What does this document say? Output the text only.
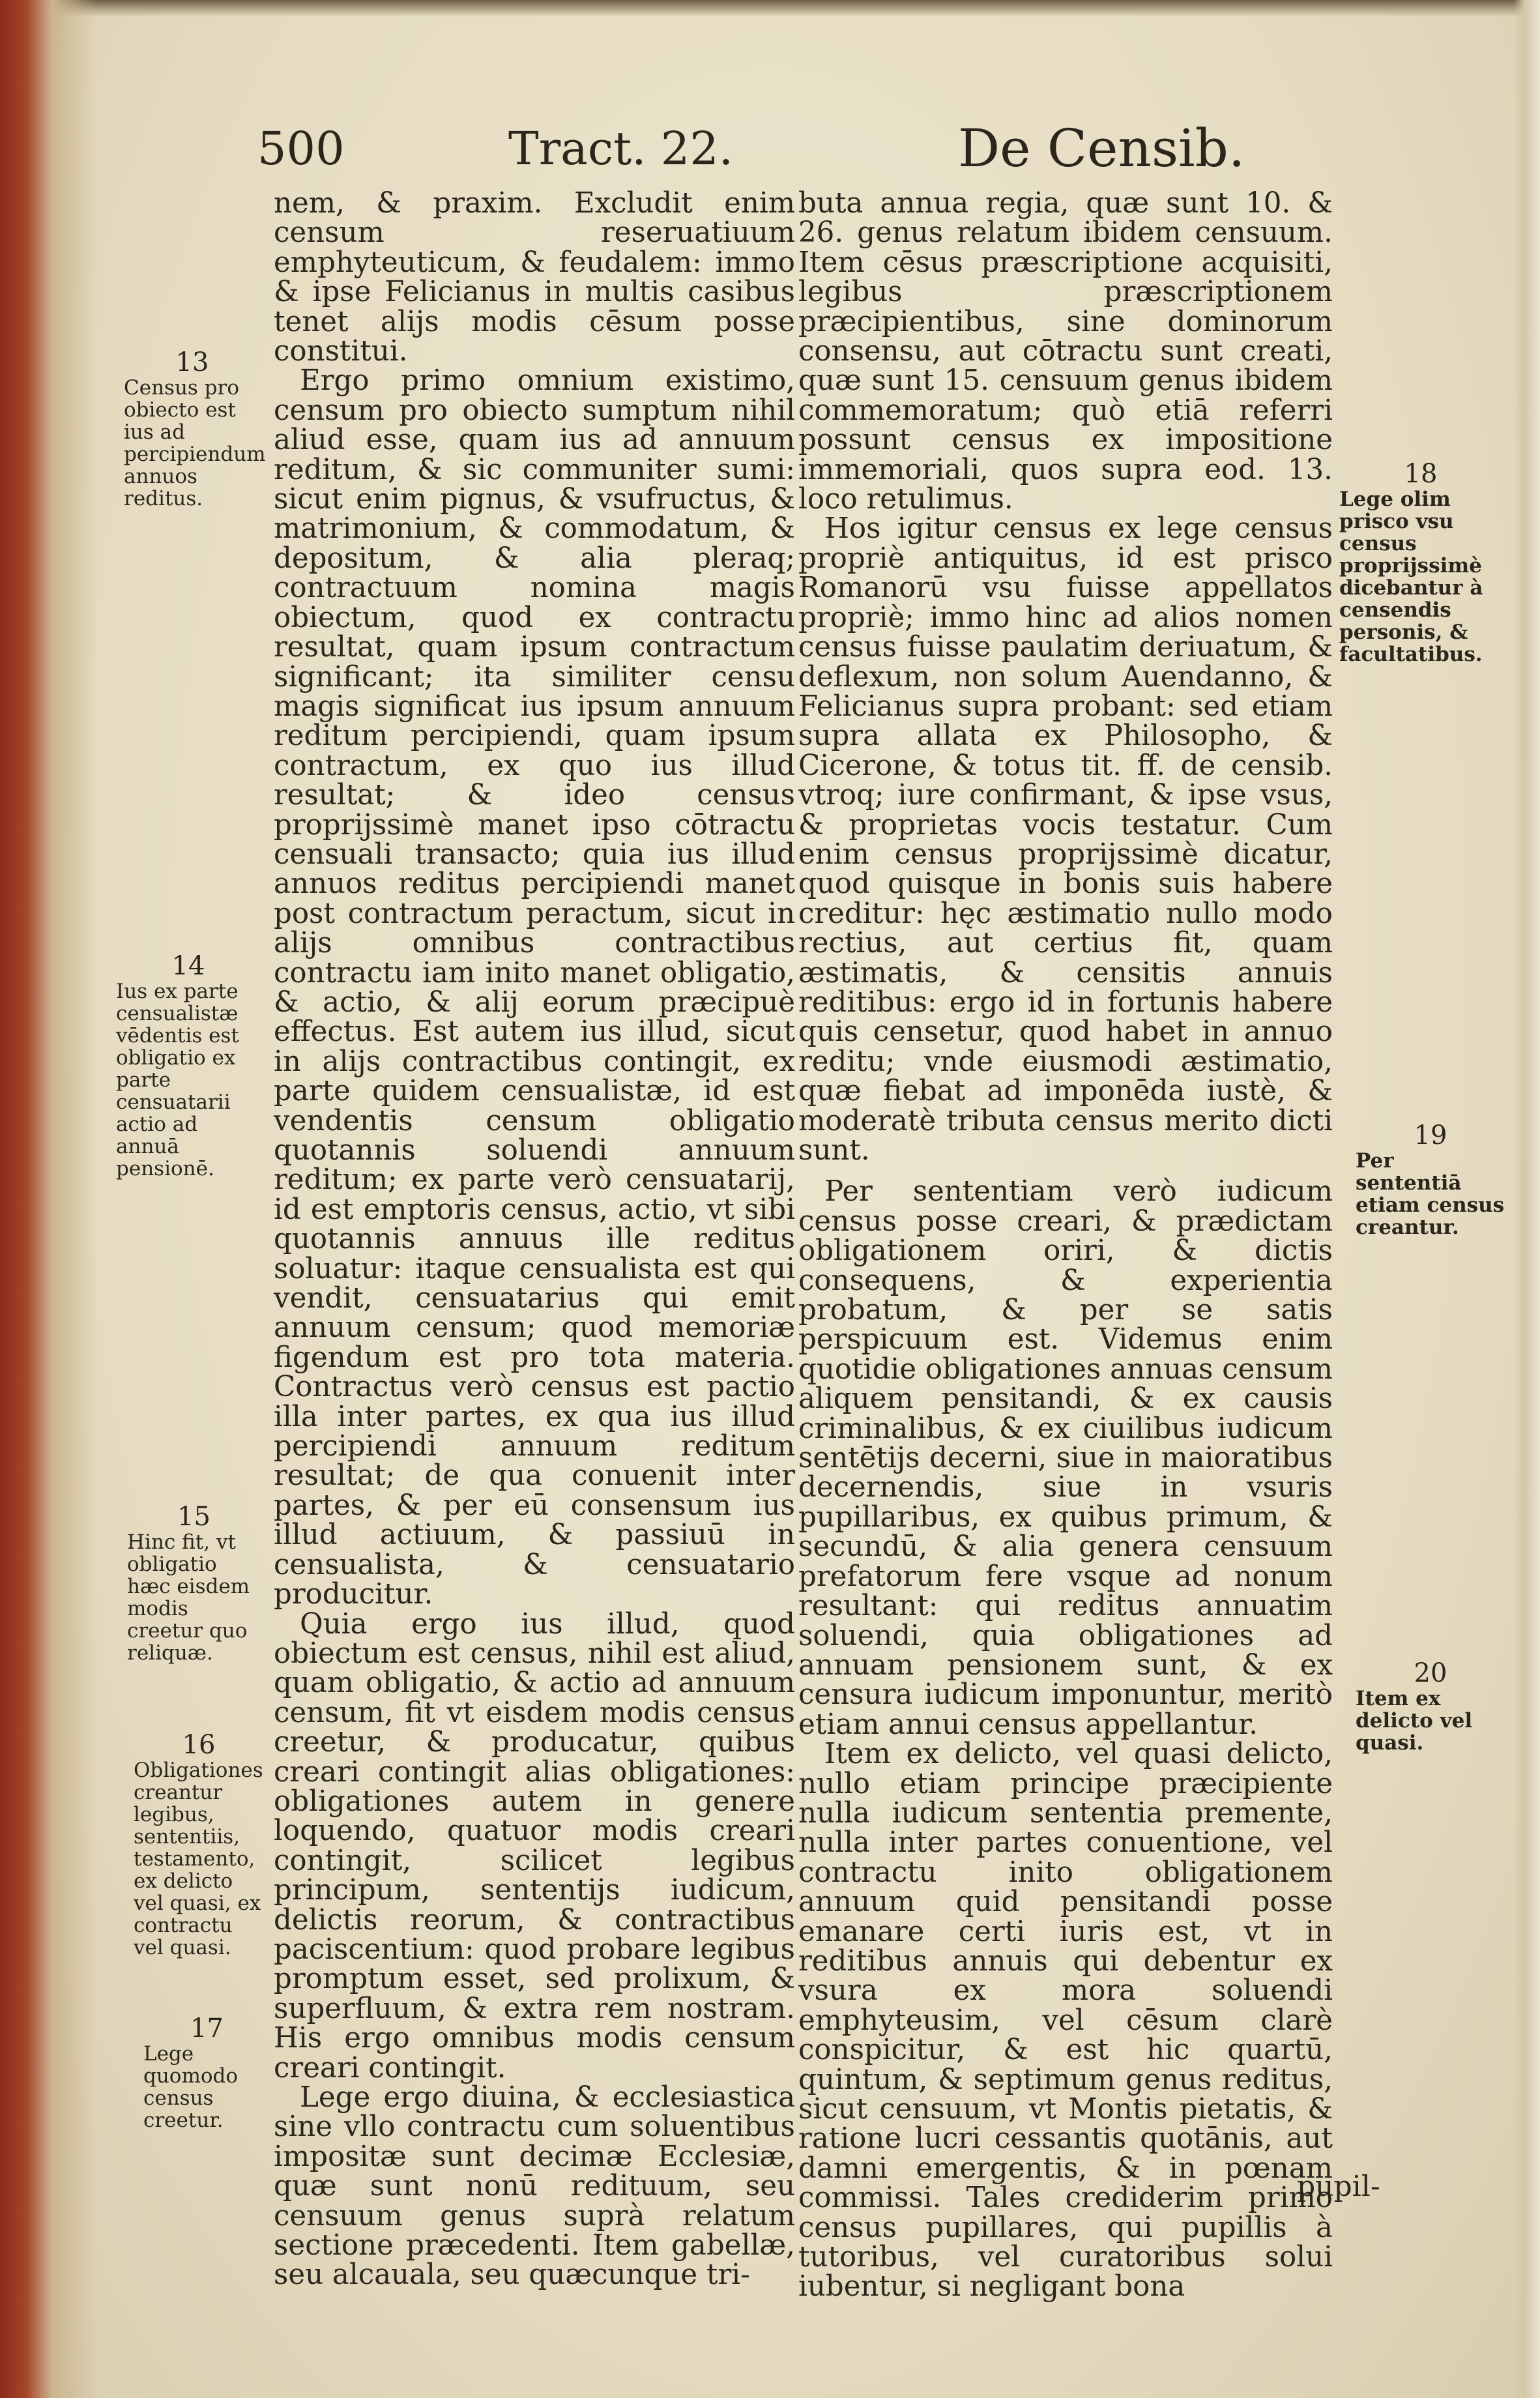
500	Tract. 22.	De Censib.

nem, & praxim. Excludit enim censum reseruatiuum emphyteuticum, & feudalem: immo & ipse Felicianus in multis casibus tenet alijs modis cēsum posse constitui.

Ergo primo omnium existimo, censum pro obiecto sumptum nihil aliud esse, quam ius ad annuum reditum, & sic communiter sumi: sicut enim pignus, & vsufructus, & matrimonium, & commodatum, & depositum, & alia pleraq; contractuum nomina magis obiectum, quod ex contractu resultat, quam ipsum contractum significant; ita similiter censu magis significat ius ipsum annuum reditum percipiendi, quam ipsum contractum, ex quo ius illud resultat; & ideo census proprijssimè manet ipso cōtractu censuali transacto; quia ius illud annuos reditus percipiendi manet post contractum peractum, sicut in alijs omnibus contractibus contractu iam inito manet obligatio, & actio, & alij eorum præcipuè effectus. Est autem ius illud, sicut in alijs contractibus contingit, ex parte quidem censualistæ, id est vendentis censum obligatio quotannis soluendi annuum reditum; ex parte verò censuatarij, id est emptoris census, actio, vt sibi quotannis annuus ille reditus soluatur: itaque censualista est qui vendit, censuatarius qui emit annuum censum; quod memoriæ figendum est pro tota materia. Contractus verò census est pactio illa inter partes, ex qua ius illud percipiendi annuum reditum resultat; de qua conuenit inter partes, & per eū consensum ius illud actiuum, & passiuū in censualista, & censuatario producitur.

Quia ergo ius illud, quod obiectum est census, nihil est aliud, quam obligatio, & actio ad annuum censum, fit vt eisdem modis census creetur, & producatur, quibus creari contingit alias obligationes: obligationes autem in genere loquendo, quatuor modis creari contingit, scilicet legibus principum, sententijs iudicum, delictis reorum, & contractibus paciscentium: quod probare legibus promptum esset, sed prolixum, & superfluum, & extra rem nostram. His ergo omnibus modis censum creari contingit.

Lege ergo diuina, & ecclesiastica sine vllo contractu cum soluentibus impositæ sunt decimæ Ecclesiæ, quæ sunt nonū redituum, seu censuum genus suprà relatum sectione præcedenti. Item gabellæ, seu alcauala, seu quæcunque tri-

buta annua regia, quæ sunt 10. & 26. genus relatum ibidem censuum. Item cēsus præscriptione acquisiti, legibus præscriptionem præcipientibus, sine dominorum consensu, aut cōtractu sunt creati, quæ sunt 15. censuum genus ibidem commemoratum; quò etiā referri possunt census ex impositione immemoriali, quos supra eod. 13. loco retulimus.

Hos igitur census ex lege census propriè antiquitus, id est prisco Romanorū vsu fuisse appellatos propriè; immo hinc ad alios nomen census fuisse paulatim deriuatum, & deflexum, non solum Auendanno, & Felicianus supra probant: sed etiam supra allata ex Philosopho, & Cicerone, & totus tit. ff. de censib. vtroq; iure confirmant, & ipse vsus, & proprietas vocis testatur. Cum enim census proprijssimè dicatur, quod quisque in bonis suis habere creditur: hęc æstimatio nullo modo rectius, aut certius fit, quam æstimatis, & censitis annuis reditibus: ergo id in fortunis habere quis censetur, quod habet in annuo reditu; vnde eiusmodi æstimatio, quæ fiebat ad imponēda iustè, & moderatè tributa census merito dicti sunt.

Per sententiam verò iudicum census posse creari, & prædictam obligationem oriri, & dictis consequens, & experientia probatum, & per se satis perspicuum est. Videmus enim quotidie obligationes annuas censum aliquem pensitandi, & ex causis criminalibus, & ex ciuilibus iudicum sentētijs decerni, siue in maioratibus decernendis, siue in vsuris pupillaribus, ex quibus primum, & secundū, & alia genera censuum prefatorum fere vsque ad nonum resultant: qui reditus annuatim soluendi, quia obligationes ad annuam pensionem sunt, & ex censura iudicum imponuntur, meritò etiam annui census appellantur.

Item ex delicto, vel quasi delicto, nullo etiam principe præcipiente nulla iudicum sententia premente, nulla inter partes conuentione, vel contractu inito obligationem annuum quid pensitandi posse emanare certi iuris est, vt in reditibus annuis qui debentur ex vsura ex mora soluendi emphyteusim, vel cēsum clarè conspicitur, & est hic quartū, quintum, & septimum genus reditus, sicut censuum, vt Montis pietatis, & ratione lucri cessantis quotānis, aut damni emergentis, & in pœnam commissi. Tales crediderim primo census pupillares, qui pupillis à tutoribus, vel curatoribus solui iubentur, si negligant bona

pupil-
13
Census pro obiecto est ius ad percipiendum annuos reditus.
14
Ius ex parte censualistæ vēdentis est obligatio ex parte censuatarii actio ad annuā pensionē.
15
Hinc fit, vt obligatio hæc eisdem modis creetur quo reliquæ.
16
Obligationes creantur legibus, sententiis, testamento, ex delicto vel quasi, ex contractu vel quasi.
17
Lege quomodo census creetur.
18
Lege olim prisco vsu census proprijssimè dicebantur à censendis personis, & facultatibus.
19
Per sententiā etiam census creantur.
20
Item ex delicto vel quasi.
